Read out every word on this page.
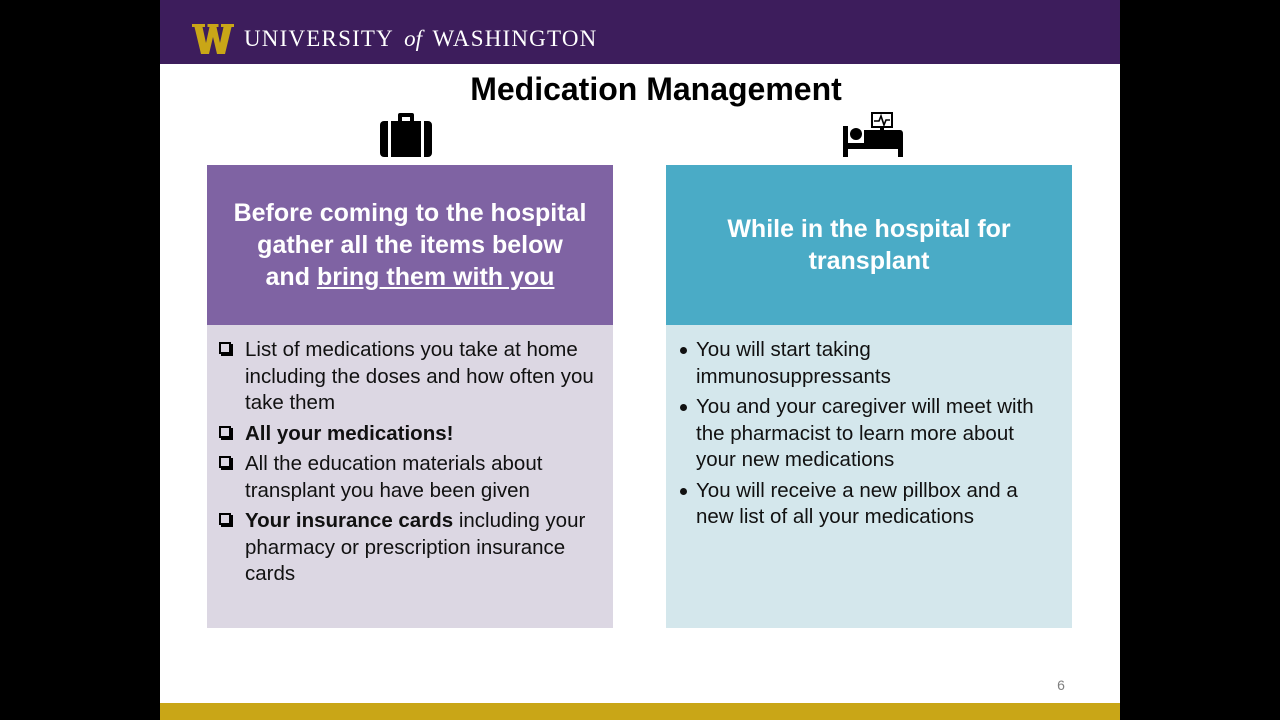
UNIVERSITY of WASHINGTON
Medication Management
Before coming to the hospital
gather all the items below
and bring them with you
While in the hospital for transplant
List of medications you take at home including the doses and how often you take them
All your medications!
All the education materials about transplant you have been given
Your insurance cards including your pharmacy or prescription insurance cards
You will start taking immunosuppressants
You and your caregiver will meet with the pharmacist to learn more about your new medications
You will receive a new pillbox and a new list of all your medications
6
